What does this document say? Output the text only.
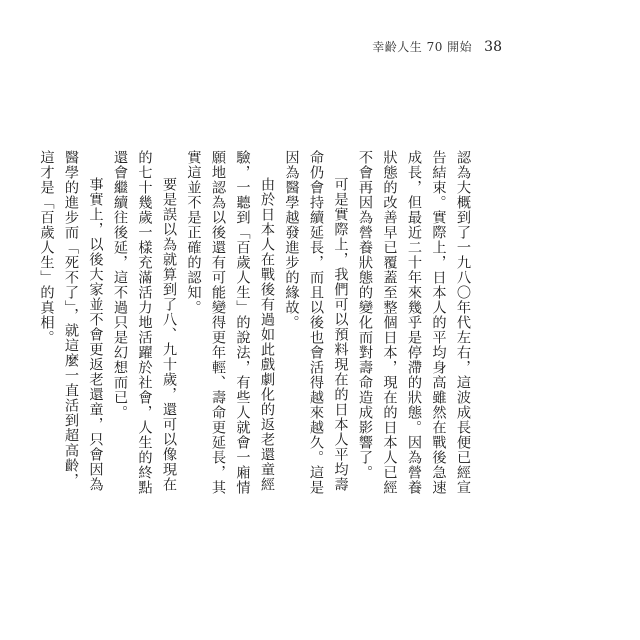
幸齡人生 70 開始 38

認為大概到了一九八〇年代左右，這波成長便已經宣告結束。實際上，日本人的平均身高雖然在戰後急速成長，但最近二十年來幾乎是停滯的狀態。因為營養狀態的改善早已覆蓋至整個日本，現在的日本人已經不會再因為營養狀態的變化而對壽命造成影響了。

可是實際上，我們可以預料現在的日本人平均壽命仍會持續延長，而且以後也會活得越來越久。這是因為醫學越發進步的緣故。

由於日本人在戰後有過如此戲劇化的返老還童經驗，一聽到「百歲人生」的說法，有些人就會一廂情願地認為以後還有可能變得更年輕、壽命更延長，其實這並不是正確的認知。

要是誤以為就算到了八、九十歲，還可以像現在的七十幾歲一樣充滿活力地活躍於社會，人生的終點還會繼續往後延，這不過只是幻想而已。

事實上，以後大家並不會更返老還童，只會因為醫學的進步而「死不了」，就這麼一直活到超高齡，這才是「百歲人生」的真相。
